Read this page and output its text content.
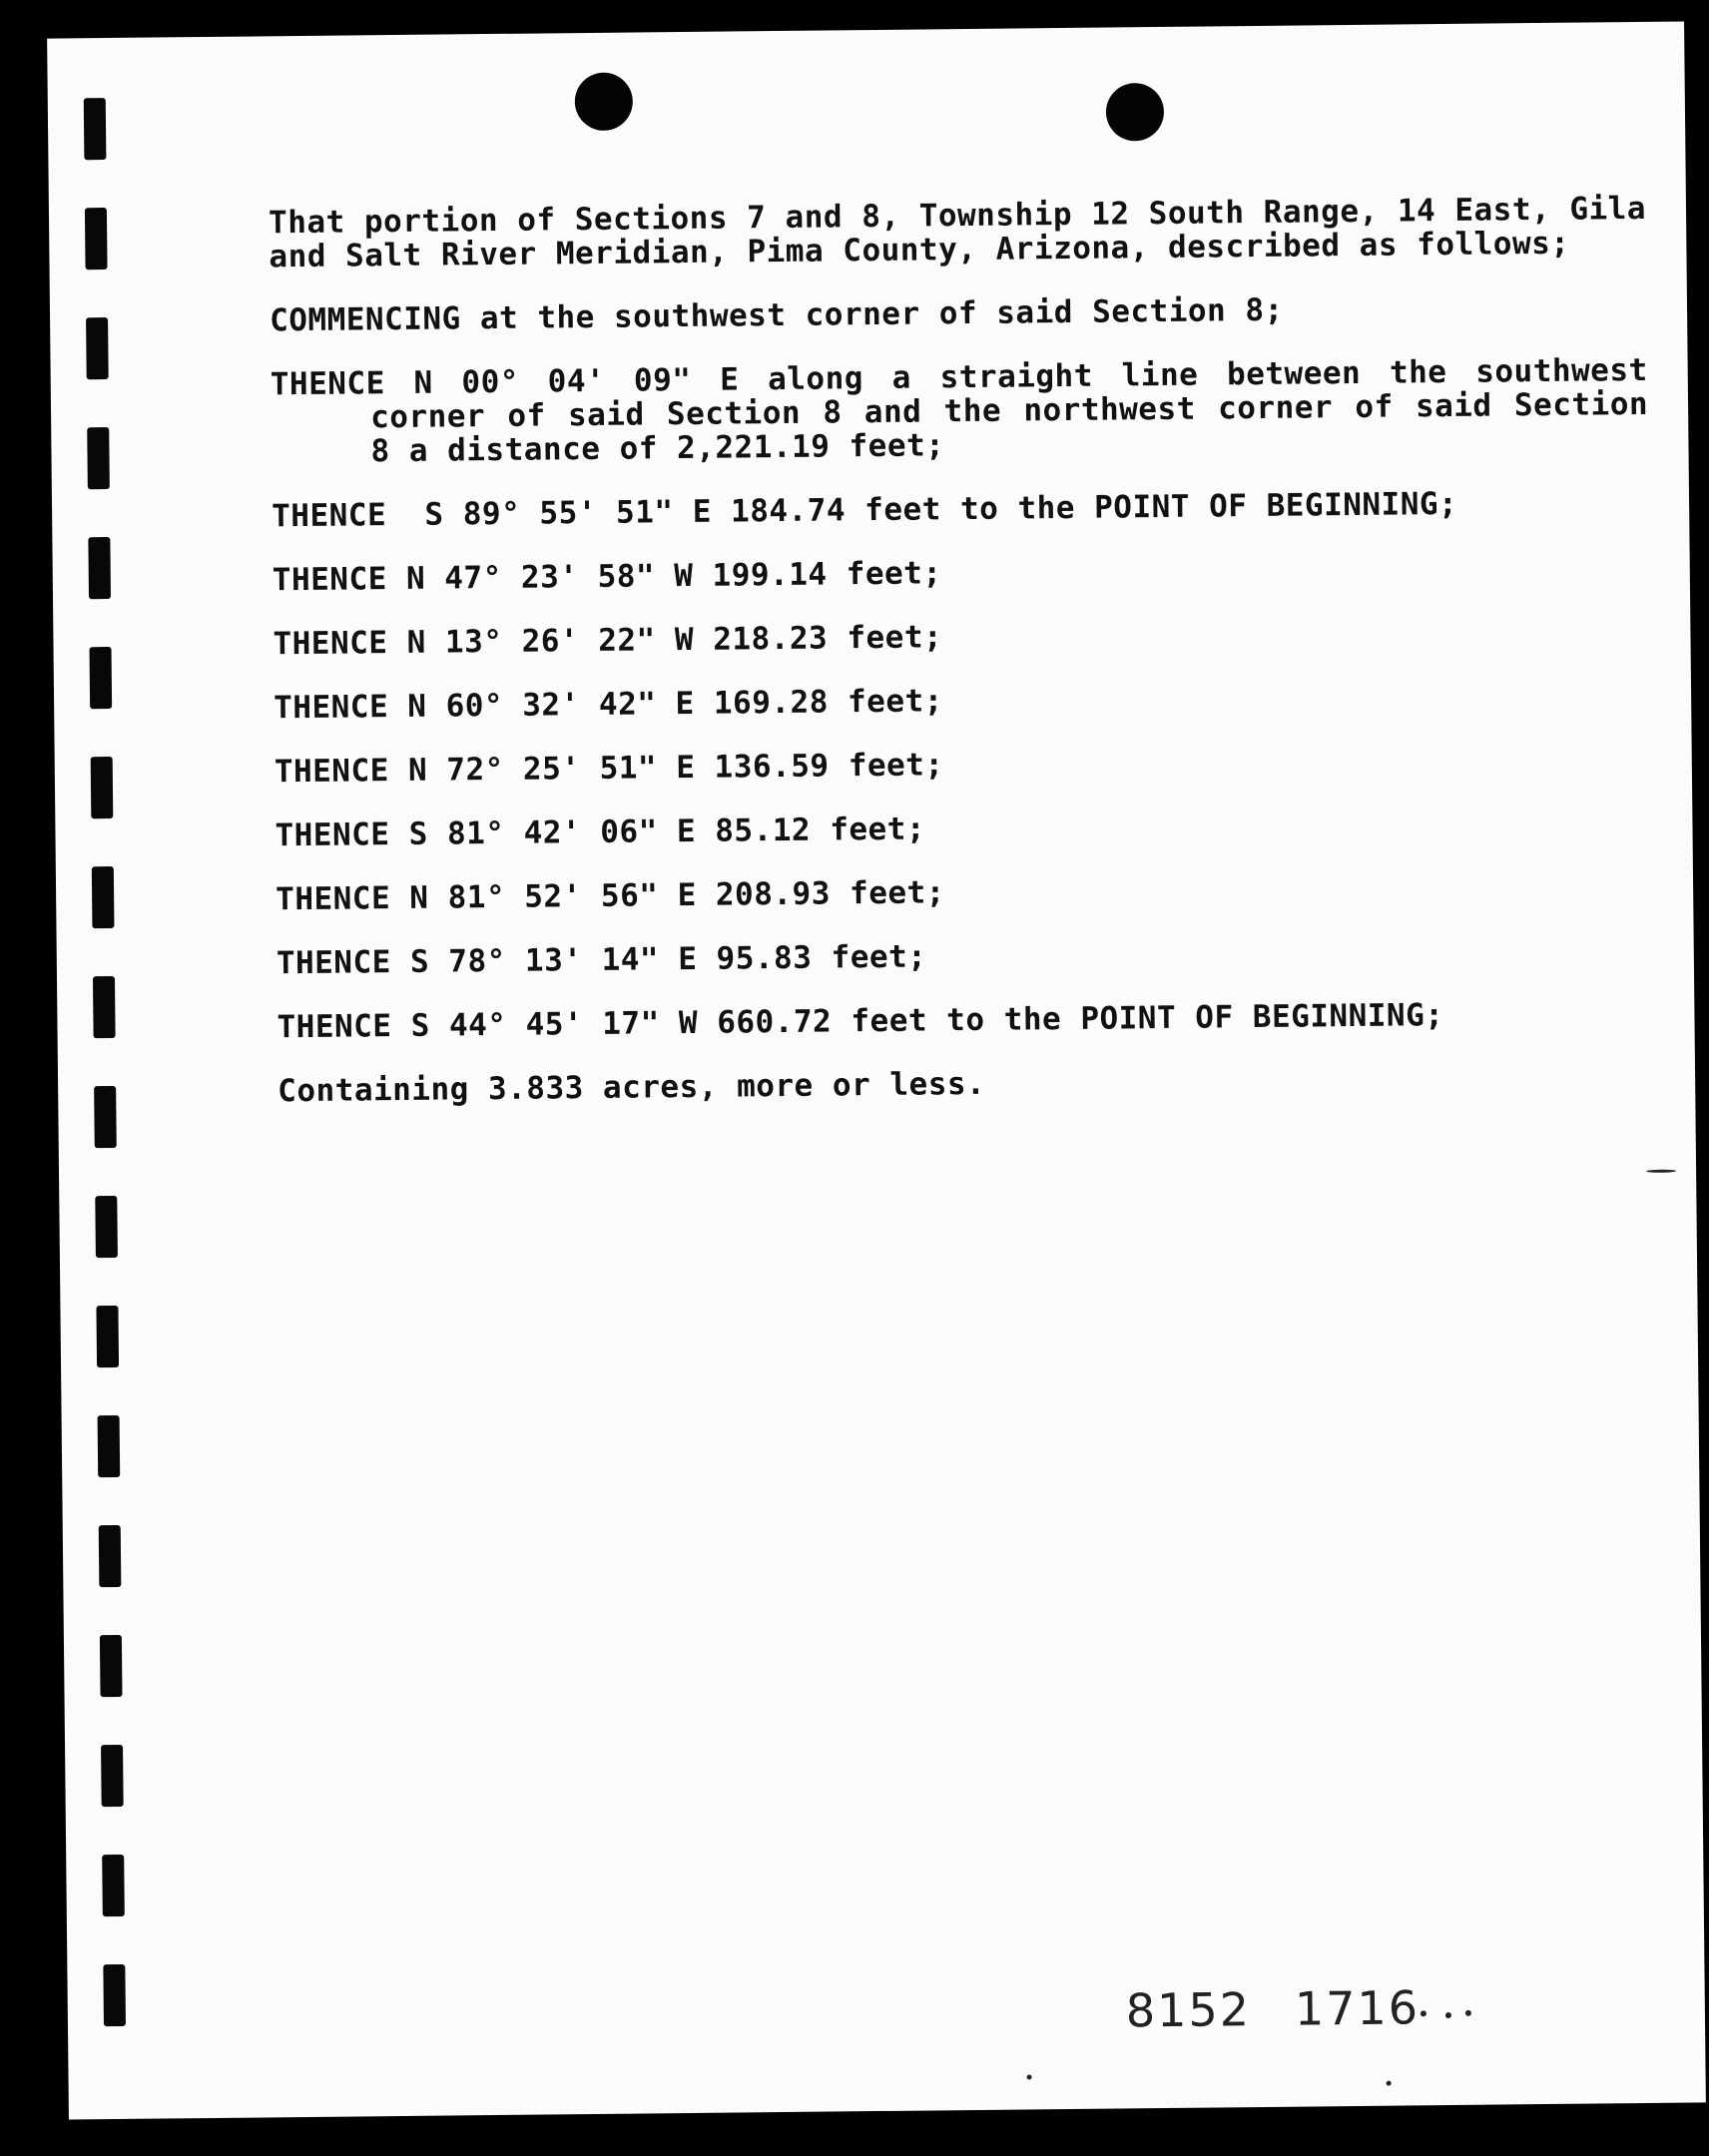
That portion of Sections 7 and 8, Township 12 South Range, 14 East, Gila and Salt River Meridian, Pima County, Arizona, described as follows;

COMMENCING at the southwest corner of said Section 8;

THENCE N 00° 04' 09" E along a straight line between the southwest corner of said Section 8 and the northwest corner of said Section 8 a distance of 2,221.19 feet;

THENCE  S 89° 55' 51" E 184.74 feet to the POINT OF BEGINNING;

THENCE N 47° 23' 58" W 199.14 feet;

THENCE N 13° 26' 22" W 218.23 feet;

THENCE N 60° 32' 42" E 169.28 feet;

THENCE N 72° 25' 51" E 136.59 feet;

THENCE S 81° 42' 06" E 85.12 feet;

THENCE N 81° 52' 56" E 208.93 feet;

THENCE S 78° 13' 14" E 95.83 feet;

THENCE S 44° 45' 17" W 660.72 feet to the POINT OF BEGINNING;

Containing 3.833 acres, more or less.

8152 1716
